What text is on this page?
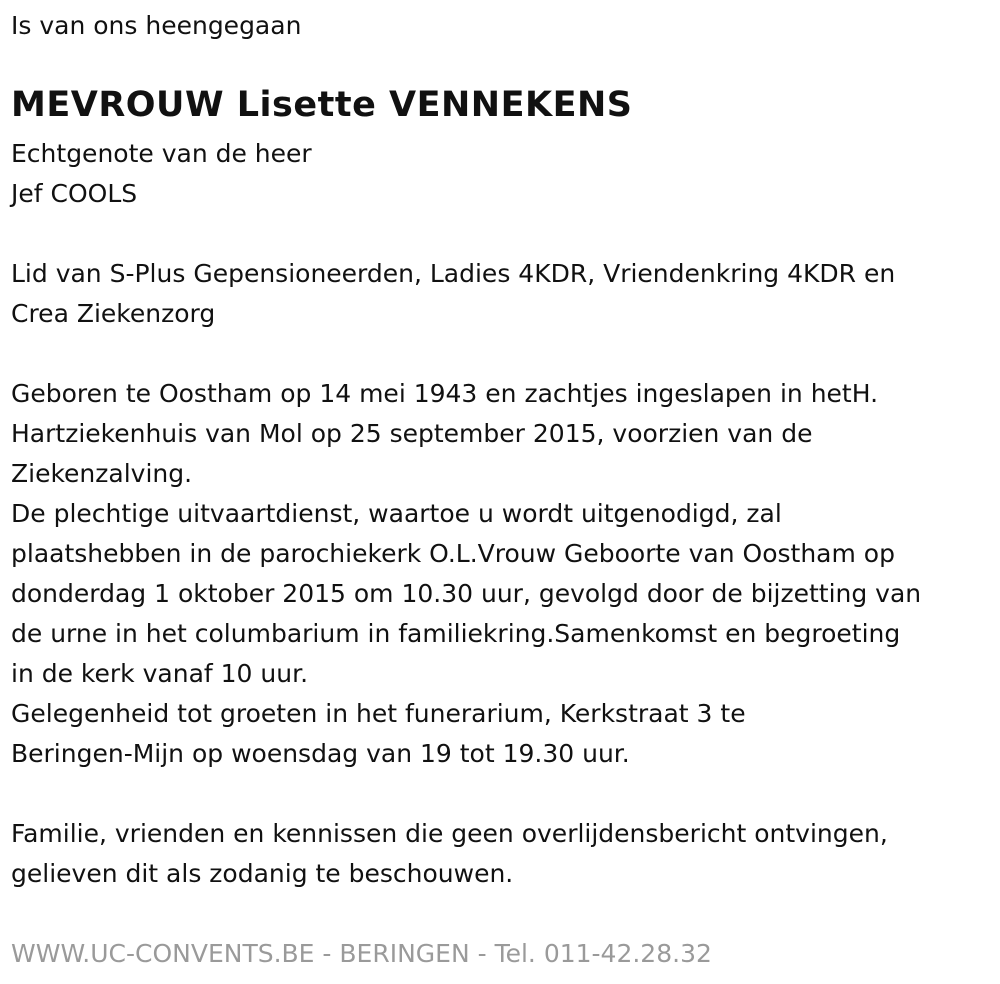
Is van ons heengegaan
MEVROUW Lisette VENNEKENS
Echtgenote van de heer
Jef COOLS
Lid van S-Plus Gepensioneerden, Ladies 4KDR, Vriendenkring 4KDR en
Crea Ziekenzorg
Geboren te Oostham op 14 mei 1943 en zachtjes ingeslapen in hetH.
Hartziekenhuis van Mol op 25 september 2015, voorzien van de
Ziekenzalving.
De plechtige uitvaartdienst, waartoe u wordt uitgenodigd, zal
plaatshebben in de parochiekerk O.L.Vrouw Geboorte van Oostham op
donderdag 1 oktober 2015 om 10.30 uur, gevolgd door de bijzetting van
de urne in het columbarium in familiekring.Samenkomst en begroeting
in de kerk vanaf 10 uur.
Gelegenheid tot groeten in het funerarium, Kerkstraat 3 te
Beringen-Mijn op woensdag van 19 tot 19.30 uur.
Familie, vrienden en kennissen die geen overlijdensbericht ontvingen,
gelieven dit als zodanig te beschouwen.
WWW.UC-CONVENTS.BE - BERINGEN - Tel. 011-42.28.32
